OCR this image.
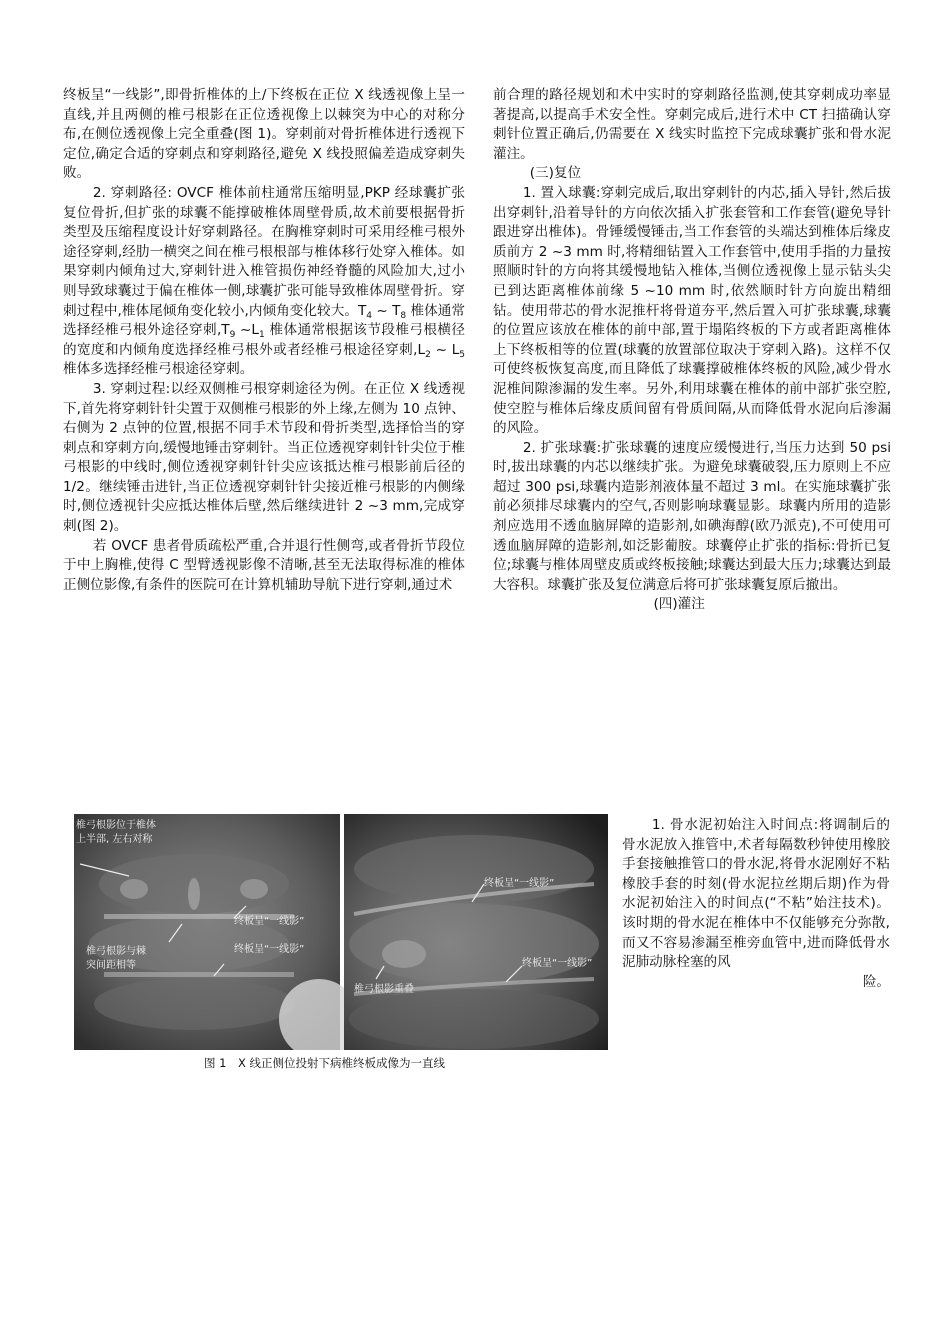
终板呈“一线影”,即骨折椎体的上/下终板在正位 X 线透视像上呈一直线,并且两侧的椎弓根影在正位透视像上以棘突为中心的对称分布,在侧位透视像上完全重叠(图 1)。穿刺前对骨折椎体进行透视下定位,确定合适的穿刺点和穿刺路径,避免 X 线投照偏差造成穿刺失败。

2. 穿刺路径: OVCF 椎体前柱通常压缩明显,PKP 经球囊扩张复位骨折,但扩张的球囊不能撑破椎体周壁骨质,故术前要根据骨折类型及压缩程度设计好穿刺路径。在胸椎穿刺时可采用经椎弓根外途径穿刺,经肋一横突之间在椎弓根根部与椎体移行处穿入椎体。如果穿刺内倾角过大,穿刺针进入椎管损伤神经脊髓的风险加大,过小则导致球囊过于偏在椎体一侧,球囊扩张可能导致椎体周壁骨折。穿刺过程中,椎体尾倾角变化较小,内倾角变化较大。$T_4$ ~ $T_8$ 椎体通常选择经椎弓根外途径穿刺$,T_9$ $\sim L_1$ 椎体通常根据该节段椎弓根横径的宽度和内倾角度选择经椎弓根外或者经椎弓根途径穿刺$,L_2$ ~ $L_5$ 椎体多选择经椎弓根途径穿刺。

3. 穿刺过程:以经双侧椎弓根穿刺途径为例。在正位 X 线透视下,首先将穿刺针针尖置于双侧椎弓根影的外上缘,左侧为 10 点钟、右侧为 2 点钟的位置,根据不同手术节段和骨折类型,选择恰当的穿刺点和穿刺方向,缓慢地锤击穿刺针。当正位透视穿刺针针尖位于椎弓根影的中线时,侧位透视穿刺针针尖应该抵达椎弓根影前后径的 1/2。继续锤击进针,当正位透视穿刺针针尖接近椎弓根影的内侧缘时,侧位透视针尖应抵达椎体后壁,然后继续进针 2 ~3 mm,完成穿刺(图 2)。

若 OVCF 患者骨质疏松严重,合并退行性侧弯,或者骨折节段位于中上胸椎,使得 C 型臂透视影像不清晰,甚至无法取得标准的椎体正侧位影像,有条件的医院可在计算机辅助导航下进行穿刺,通过术

前合理的路径规划和术中实时的穿刺路径监测,使其穿刺成功率显著提高,以提高手术安全性。穿刺完成后,进行术中 CT 扫描确认穿刺针位置正确后,仍需要在 X 线实时监控下完成球囊扩张和骨水泥灌注。

(三)复位

1. 置入球囊:穿刺完成后,取出穿刺针的内芯,插入导针,然后拔出穿刺针,沿着导针的方向依次插入扩张套管和工作套管(避免导针跟进穿出椎体)。骨锤缓慢锤击,当工作套管的头端达到椎体后缘皮质前方 2 ~3 mm 时,将精细钻置入工作套管中,使用手指的力量按照顺时针的方向将其缓慢地钻入椎体,当侧位透视像上显示钻头尖已到达距离椎体前缘 5 ~10 mm 时,依然顺时针方向旋出精细钻。使用带芯的骨水泥推杆将骨道夯平,然后置入可扩张球囊,球囊的位置应该放在椎体的前中部,置于塌陷终板的下方或者距离椎体上下终板相等的位置(球囊的放置部位取决于穿刺入路)。这样不仅可使终板恢复高度,而且降低了球囊撑破椎体终板的风险,减少骨水泥椎间隙渗漏的发生率。另外,利用球囊在椎体的前中部扩张空腔,使空腔与椎体后缘皮质间留有骨质间隔,从而降低骨水泥向后渗漏的风险。

2. 扩张球囊:扩张球囊的速度应缓慢进行,当压力达到 50 psi 时,拔出球囊的内芯以继续扩张。为避免球囊破裂,压力原则上不应超过 300 psi,球囊内造影剂液体量不超过 3 ml。在实施球囊扩张前必须排尽球囊内的空气,否则影响球囊显影。球囊内所用的造影剂应选用不透血脑屏障的造影剂,如碘海醇(欧乃派克),不可使用可透血脑屏障的造影剂,如泛影葡胺。球囊停止扩张的指标:骨折已复位;球囊与椎体周壁皮质或终板接触;球囊达到最大压力;球囊达到最大容积。球囊扩张及复位满意后将可扩张球囊复原后撤出。

(四)灌注

1. 骨水泥初始注入时间点:将调制后的骨水泥放入推管中,术者每隔数秒钟使用橡胶手套接触推管口的骨水泥,将骨水泥刚好不粘橡胶手套的时刻(骨水泥拉丝期后期)作为骨水泥初始注入的时间点(“不粘”始注技术)。该时期的骨水泥在椎体中不仅能够充分弥散,而又不容易渗漏至椎旁血管中,进而降低骨水泥肺动脉栓塞的风

险。

椎弓根影位于椎体
上半部, 左右对称
终板呈“一线影”
终板呈“一线影”
椎弓根影与棘
突间距相等
终板呈“一线影”
终板呈“一线影”
椎弓根影重叠
图 1　X 线正侧位投射下病椎终板成像为一直线
